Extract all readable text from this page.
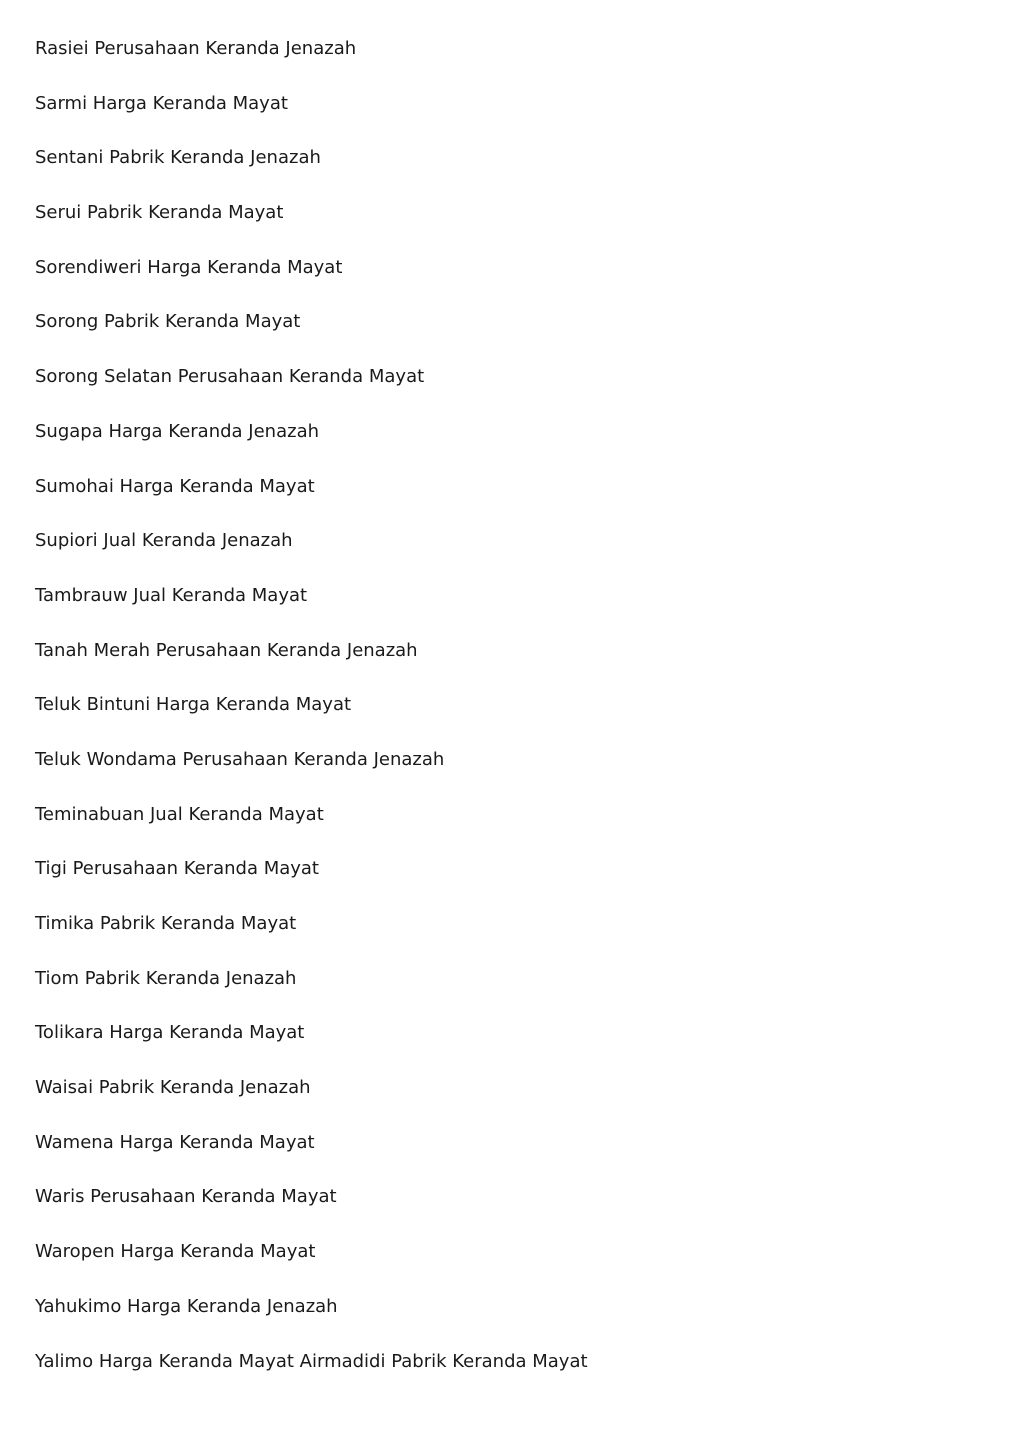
Rasiei Perusahaan Keranda Jenazah
Sarmi Harga Keranda Mayat
Sentani Pabrik Keranda Jenazah
Serui Pabrik Keranda Mayat
Sorendiweri Harga Keranda Mayat
Sorong Pabrik Keranda Mayat
Sorong Selatan Perusahaan Keranda Mayat
Sugapa Harga Keranda Jenazah
Sumohai Harga Keranda Mayat
Supiori Jual Keranda Jenazah
Tambrauw Jual Keranda Mayat
Tanah Merah Perusahaan Keranda Jenazah
Teluk Bintuni Harga Keranda Mayat
Teluk Wondama Perusahaan Keranda Jenazah
Teminabuan Jual Keranda Mayat
Tigi Perusahaan Keranda Mayat
Timika Pabrik Keranda Mayat
Tiom Pabrik Keranda Jenazah
Tolikara Harga Keranda Mayat
Waisai Pabrik Keranda Jenazah
Wamena Harga Keranda Mayat
Waris Perusahaan Keranda Mayat
Waropen Harga Keranda Mayat
Yahukimo Harga Keranda Jenazah
Yalimo Harga Keranda Mayat Airmadidi Pabrik Keranda Mayat
